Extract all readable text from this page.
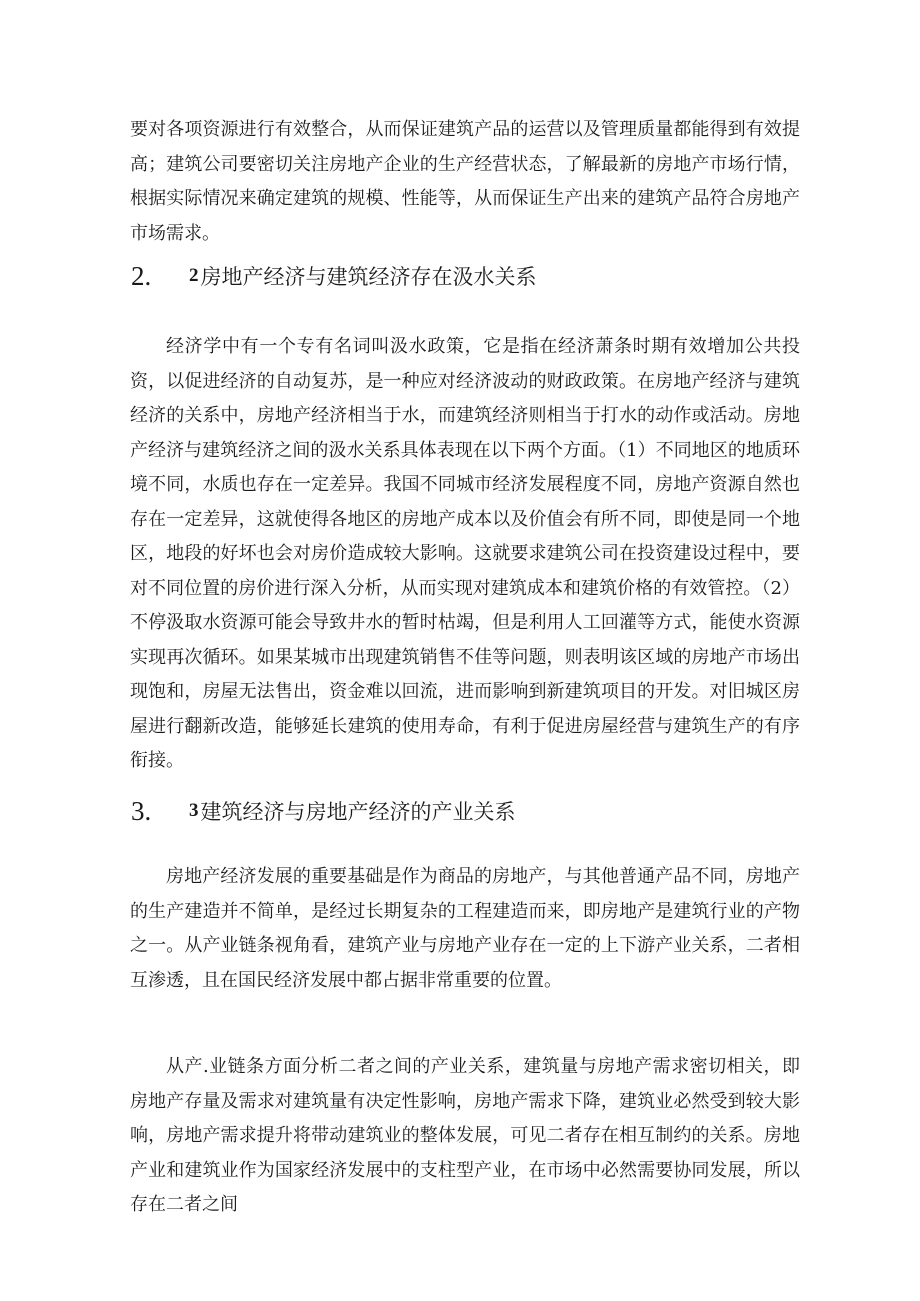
要对各项资源进行有效整合，从而保证建筑产品的运营以及管理质量都能得到有效提高；建筑公司要密切关注房地产企业的生产经营状态，了解最新的房地产市场行情，根据实际情况来确定建筑的规模、性能等，从而保证生产出来的建筑产品符合房地产市场需求。

2.	2 房地产经济与建筑经济存在汲水关系

经济学中有一个专有名词叫汲水政策，它是指在经济萧条时期有效增加公共投资，以促进经济的自动复苏，是一种应对经济波动的财政政策。在房地产经济与建筑经济的关系中，房地产经济相当于水，而建筑经济则相当于打水的动作或活动。房地产经济与建筑经济之间的汲水关系具体表现在以下两个方面。（1）不同地区的地质环境不同，水质也存在一定差异。我国不同城市经济发展程度不同，房地产资源自然也存在一定差异，这就使得各地区的房地产成本以及价值会有所不同，即使是同一个地区，地段的好坏也会对房价造成较大影响。这就要求建筑公司在投资建设过程中，要对不同位置的房价进行深入分析，从而实现对建筑成本和建筑价格的有效管控。（2）不停汲取水资源可能会导致井水的暂时枯竭，但是利用人工回灌等方式，能使水资源实现再次循环。如果某城市出现建筑销售不佳等问题，则表明该区域的房地产市场出现饱和，房屋无法售出，资金难以回流，进而影响到新建筑项目的开发。对旧城区房屋进行翻新改造，能够延长建筑的使用寿命，有利于促进房屋经营与建筑生产的有序衔接。

3.	3 建筑经济与房地产经济的产业关系

房地产经济发展的重要基础是作为商品的房地产，与其他普通产品不同，房地产的生产建造并不简单，是经过长期复杂的工程建造而来，即房地产是建筑行业的产物之一。从产业链条视角看，建筑产业与房地产业存在一定的上下游产业关系，二者相互渗透，且在国民经济发展中都占据非常重要的位置。

从产.业链条方面分析二者之间的产业关系，建筑量与房地产需求密切相关，即房地产存量及需求对建筑量有决定性影响，房地产需求下降，建筑业必然受到较大影响，房地产需求提升将带动建筑业的整体发展，可见二者存在相互制约的关系。房地产业和建筑业作为国家经济发展中的支柱型产业，在市场中必然需要协同发展，所以存在二者之间
